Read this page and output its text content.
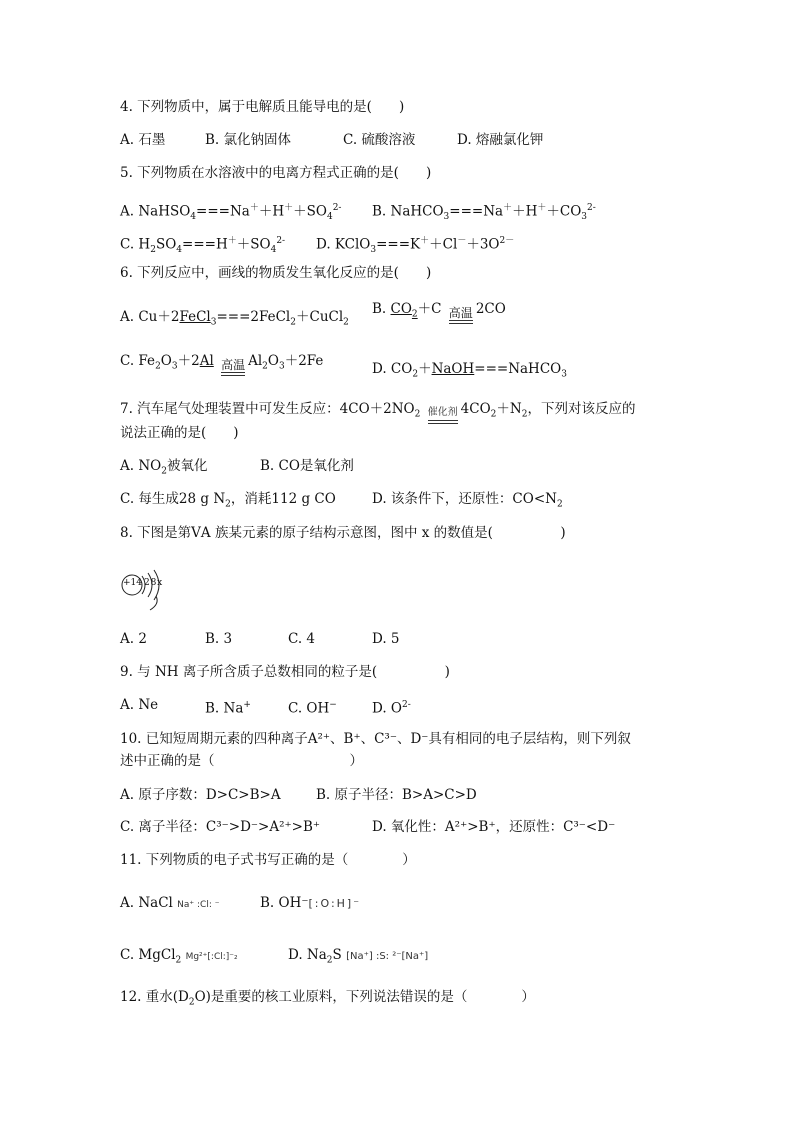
4. 下列物质中，属于电解质且能导电的是(　　)
A. 石墨	B. 氯化钠固体	C. 硫酸溶液	D. 熔融氯化钾
5. 下列物质在水溶液中的电离方程式正确的是(　　)
A. $NaHSO_4===Na^++H^++SO_4^{2-}$ B. $NaHCO_3===Na^++H^++CO_3^{2-}$
C. $H_2SO_4===H^++SO_4^{2-}$ D. $KClO_3===K^++Cl^-+3O^{2-}$
6. 下列反应中，画线的物质发生氧化反应的是(　　)
A. Cu＋2FeCl$_3$===2FeCl$_2$＋CuCl$_2$
B. $CO_2+C$ 高温 2CO
C. $Fe_2O_3+2Al$ 高温 $Al_2O_3+2Fe$	D. $CO_2+NaOH===NaHCO_3$
7. 汽车尾气处理装置中可发生反应：$4CO+2NO_2$ 催化剂 $4CO_2+N_2$，下列对该反应的
说法正确的是(　　)
A. $NO_2$被氧化	B. CO是氧化剂
C. 每生成28 g $N_2$，消耗112 g CO	D. 该条件下，还原性：$CO<N_2$
8. 下图是第ⅤA 族某元素的原子结构示意图，图中 x 的数值是(　　　　　)
+14 2 8 x
A. 2	B. 3	C. 4	D. 5
9. 与 NH 离子所含质子总数相同的粒子是(　　　　　)
A. Ne	B. Na+	C. OH−	D. $O^{2-}$
10. 已知短周期元素的四种离子A²⁺、B⁺、C³⁻、D⁻具有相同的电子层结构，则下列叙
述中正确的是（　　　　　　　　　　）
A. 原子序数：D>C>B>A	B. 原子半径：B>A>C>D
C. 离子半径：C³⁻>D⁻>A²⁺>B⁺	D. 氧化性：A²⁺>B⁺，还原性：C³⁻<D⁻
11. 下列物质的电子式书写正确的是（　　　　）
A. NaCl Na⁺ :Cl: ⁻	B. OH⁻[:O:H]⁻
C. MgCl$_2$ Mg²⁺[:Cl:]⁻₂	D. $Na_2S$ [Na⁺] :S: ²⁻[Na⁺]
12. 重水$(D_2O)$是重要的核工业原料，下列说法错误的是（　　　　）
